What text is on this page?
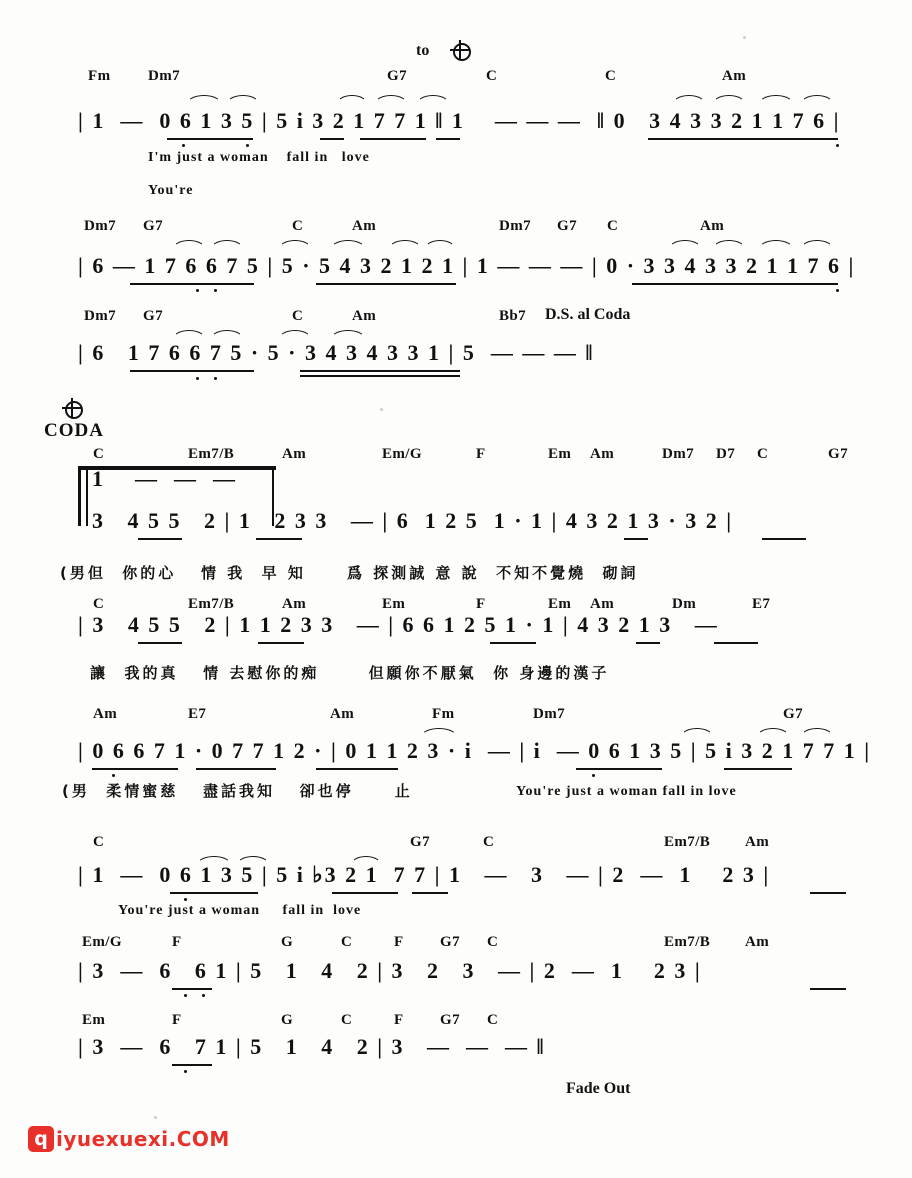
to
Fm	Dm7	G7	C	C	Am
| 1  —  0 6 1 3 5 | 5 i 3 2 1 7 7 1 ‖ 1    — — —  ‖ 0   3 4 3 3 2 1 1 7 6 |
I'm just a woman    fall in   love
You're
Dm7 G7	C	Am	Dm7 G7 C	Am
| 6 — 1 7 6 6 7 5 | 5 · 5 4 3 2 1 2 1 | 1 — — — | 0 · 3 3 4 3 3 2 1 1 7 6 |
Dm7 G7	C	Am	Bb7 D.S. al Coda
| 6   1 7 6 6 7 5 · 5 · 3 4 3 4 3 3 1 | 5  — — — ‖
CODA
C	Em7/B	Am	Em/G	F	Em Am	Dm7 D7 C	G7
1    —  —  —
3   4 5 5   2 | 1   2 3 3   — | 6  1 2 5  1 · 1 | 4 3 2 1 3 · 3 2 |
(男但  你的心   情 我  早 知     爲 探測誠 意 說  不知不覺燒  砌詞
C	Em7/B	Am	Em	F	Em Am	Dm	E7
| 3   4 5 5   2 | 1 1 2 3 3   — | 6 6 1 2 5 1 · 1 | 4 3 2 1 3   —
讓  我的真   情 去慰你的痴      但願你不厭氣  你 身邊的漢子
Am	E7	Am	Fm	Dm7	G7
| 0 6 6 7 1 · 0 7 7 1 2 · | 0 1 1 2 3 · i  — | i  — 0 6 1 3 5 | 5 i 3 2 1 7 7 1 |
(男  柔情蜜慈   盡話我知   卻也停     止	You're just a woman fall in love
C	G7	C	Em7/B Am
| 1  —  0 6 1 3 5 | 5 i ♭3 2 1  7 7 | 1   —   3   — | 2  —  1    2 3 |
You're just a woman     fall in  love
Em/G	F	G	C	F G7 C	Em7/B Am
| 3  —  6   6 1 | 5   1   4   2 | 3   2   3   — | 2  —  1    2 3 |
Em	F	G	C	F G7 C
| 3  —  6   7 1 | 5   1   4   2 | 3   —  —  — ‖
Fade Out
q iyuexuexi.COM
